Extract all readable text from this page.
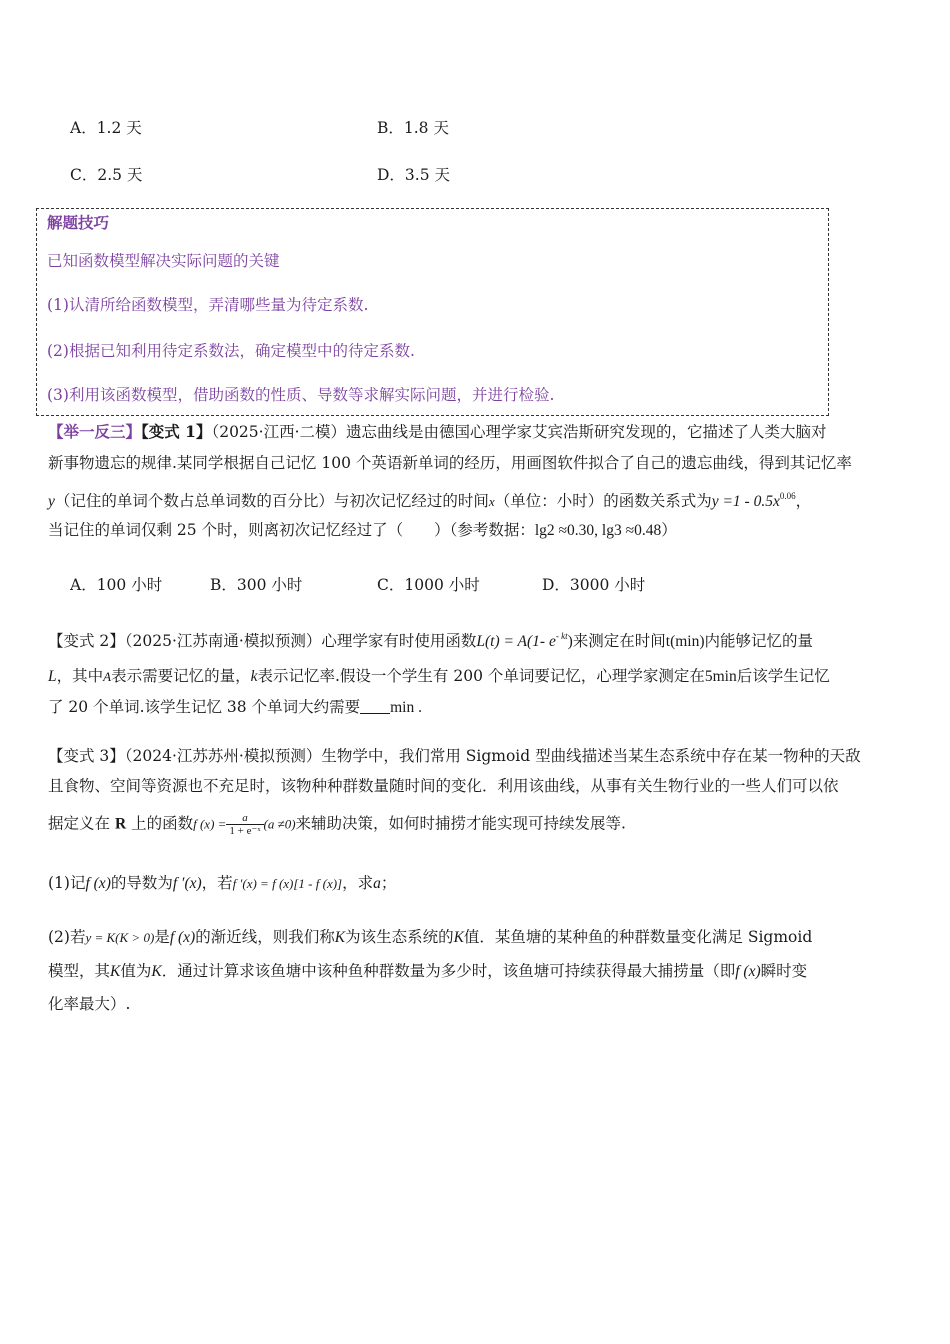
A．1.2 天	B．1.8 天
C．2.5 天	D．3.5 天
解题技巧
已知函数模型解决实际问题的关键
(1)认清所给函数模型，弄清哪些量为待定系数.
(2)根据已知利用待定系数法，确定模型中的待定系数.
(3)利用该函数模型，借助函数的性质、导数等求解实际问题，并进行检验.
【举一反三】【变式 1】（2025·江西·二模）遗忘曲线是由德国心理学家艾宾浩斯研究发现的，它描述了人类大脑对
新事物遗忘的规律.某同学根据自己记忆 100 个英语新单词的经历，用画图软件拟合了自己的遗忘曲线，得到其记忆率
y（记住的单词个数占总单词数的百分比）与初次记忆经过的时间x（单位：小时）的函数关系式为$y =1 - 0.5x^{0.06}$，
当记住的单词仅剩 25 个时，则离初次记忆经过了（　　）（参考数据：lg2 ≈0.30, lg3 ≈0.48）
A．100 小时	B．300 小时	C．1000 小时	D．3000 小时
【变式 2】（2025·江苏南通·模拟预测）心理学家有时使用函数L(t) = A(1- $e^{- kt}$)来测定在时间t(min)内能够记忆的量
L，其中A表示需要记忆的量，k表示记忆率.假设一个学生有 200 个单词要记忆，心理学家测定在5min后该学生记忆
了 20 个单词.该学生记忆 38 个单词大约需要 min .
【变式 3】（2024·江苏苏州·模拟预测）生物学中，我们常用 Sigmoid 型曲线描述当某生态系统中存在某一物种的天敌
且食物、空间等资源也不充足时，该物种种群数量随时间的变化．利用该曲线，从事有关生物行业的一些人们可以依
据定义在 R 上的函数f $(x) = \frac{a}{\text{1 + e⁻ˣ}} (a \ne 0)$来辅助决策，如何时捕捞才能实现可持续发展等.
(1)记f (x)的导数为f ′(x)，若f ′(x) = f (x)[1 - f (x)]，求a；
(2)若y = K(K > 0)是f (x)的渐近线，则我们称K为该生态系统的K值．某鱼塘的某种鱼的种群数量变化满足 Sigmoid
模型，其K值为K．通过计算求该鱼塘中该种鱼种群数量为多少时，该鱼塘可持续获得最大捕捞量（即f (x)瞬时变
化率最大）.
